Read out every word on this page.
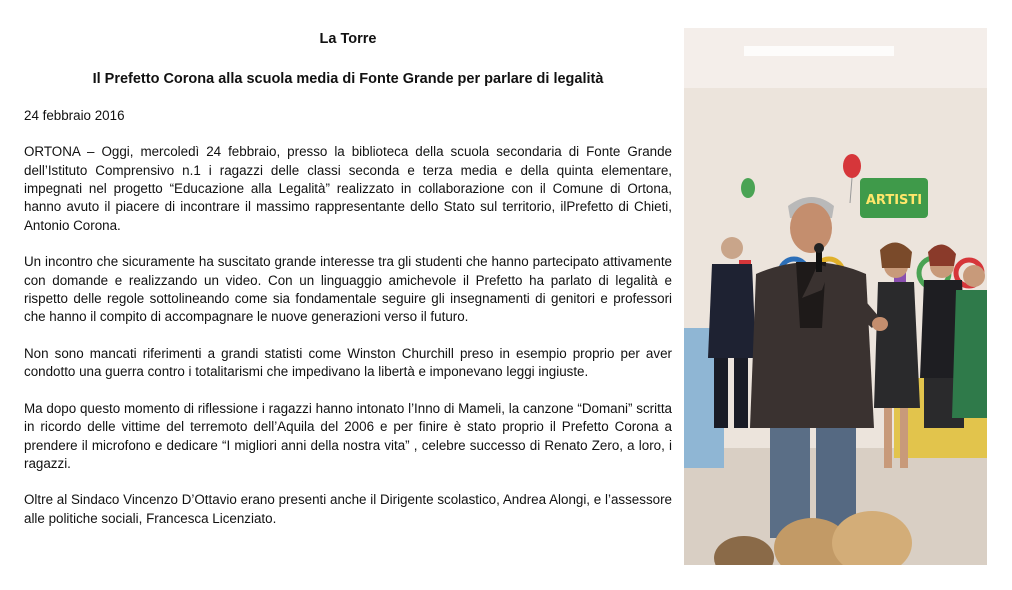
La Torre

Il Prefetto Corona alla scuola media di Fonte Grande per parlare di legalità

24 febbraio 2016

ORTONA – Oggi, mercoledì 24 febbraio, presso la biblioteca della scuola secondaria di Fonte Grande dell’Istituto Comprensivo n.1 i ragazzi delle classi seconda e terza media e della quinta elementare, impegnati nel progetto “Educazione alla Legalità” realizzato in collaborazione con il Comune di Ortona, hanno avuto il piacere di incontrare il massimo rappresentante dello Stato sul territorio, ilPrefetto di Chieti, Antonio Corona.

Un incontro che sicuramente ha suscitato grande interesse tra gli studenti che hanno partecipato attivamente con domande e realizzando un video. Con un linguaggio amichevole il Prefetto ha parlato di legalità e rispetto delle regole sottolineando come sia fondamentale seguire gli insegnamenti di genitori e professori che hanno il compito di accompagnare le nuove generazioni verso il futuro.

Non sono mancati riferimenti a grandi statisti come Winston Churchill preso in esempio proprio per aver condotto una guerra contro i totalitarismi che impedivano la libertà e imponevano leggi ingiuste.

Ma dopo questo momento di riflessione i ragazzi hanno intonato l’Inno di Mameli, la canzone “Domani” scritta in ricordo delle vittime del terremoto dell’Aquila del 2006 e per finire è stato proprio il Prefetto Corona a prendere il microfono e dedicare “I migliori anni della nostra vita” , celebre successo di Renato Zero, a loro, i ragazzi.

Oltre al Sindaco Vincenzo D’Ottavio erano presenti anche il Dirigente scolastico, Andrea Alongi, e l’assessore alle politiche sociali, Francesca Licenziato.

ARTISTI
